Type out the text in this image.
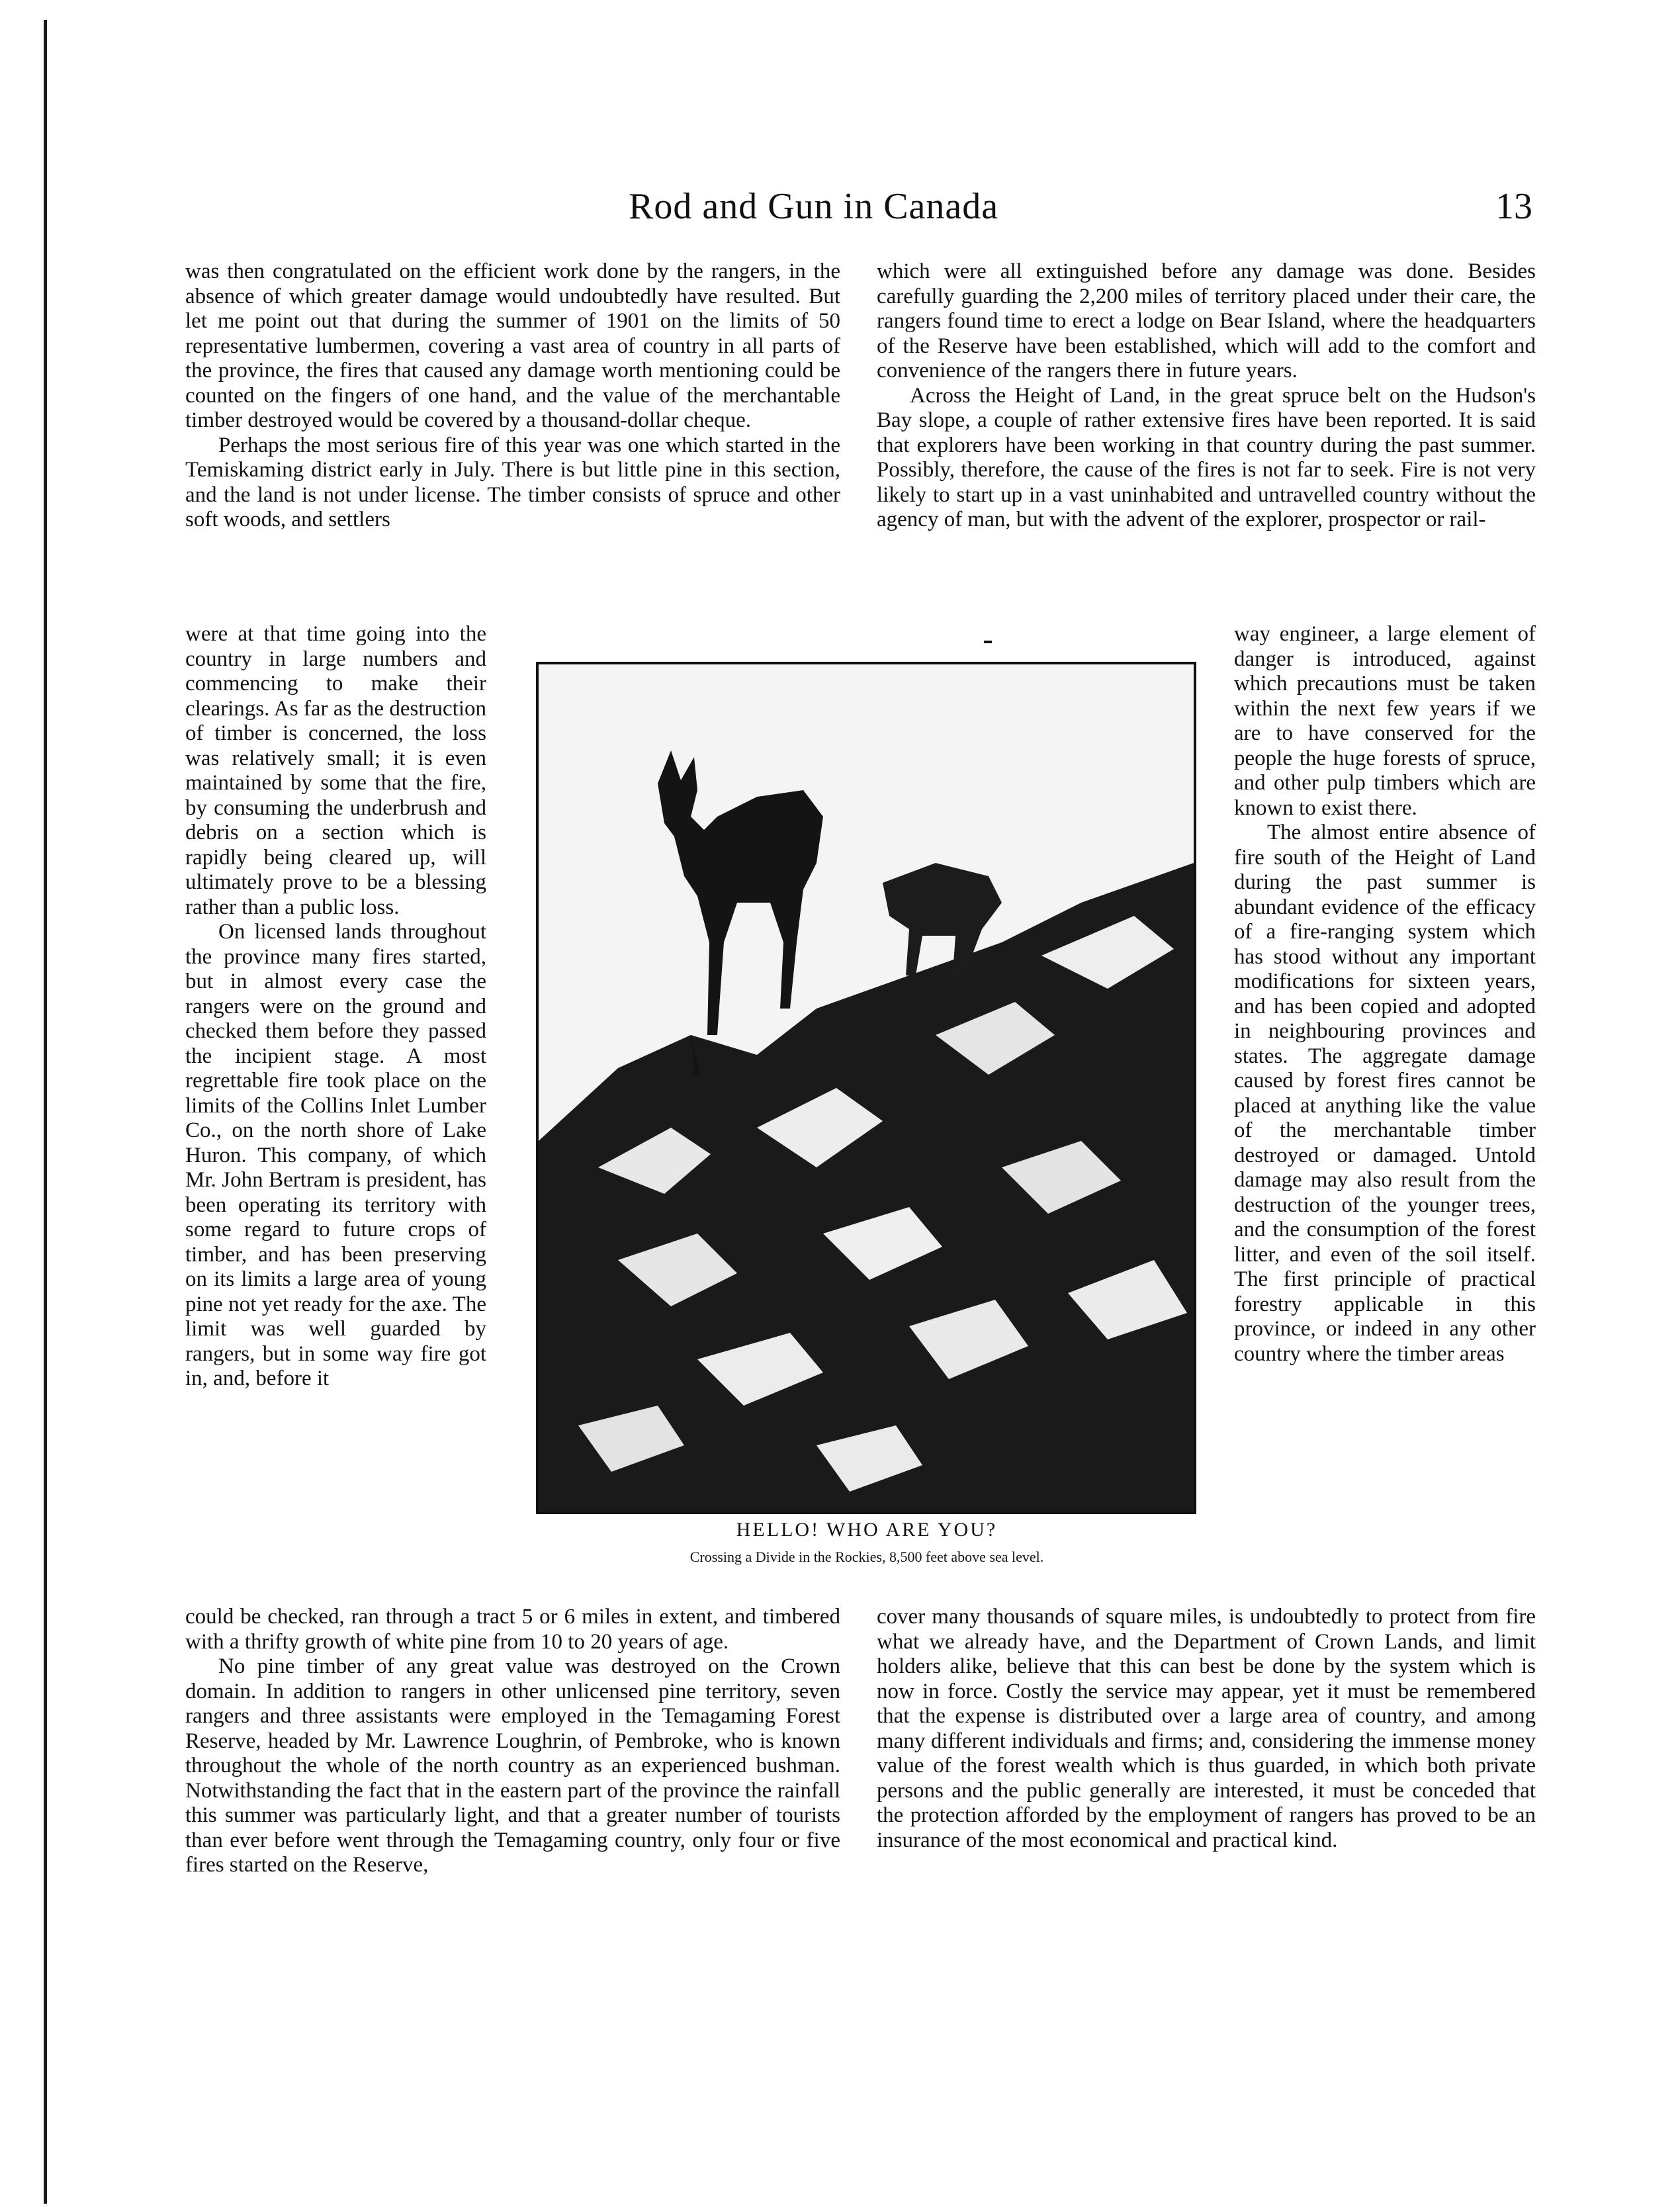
Rod and Gun in Canada	13

was then congratulated on the efficient work done by the rangers, in the absence of which greater damage would undoubtedly have resulted. But let me point out that during the summer of 1901 on the limits of 50 representative lumbermen, covering a vast area of country in all parts of the province, the fires that caused any damage worth mentioning could be counted on the fingers of one hand, and the value of the merchantable timber destroyed would be covered by a thousand-dollar cheque.

Perhaps the most serious fire of this year was one which started in the Temiskaming district early in July. There is but little pine in this section, and the land is not under license. The timber consists of spruce and other soft woods, and settlers

were at that time going into the country in large numbers and commencing to make their clearings. As far as the destruction of timber is concerned, the loss was relatively small; it is even maintained by some that the fire, by consuming the underbrush and debris on a section which is rapidly being cleared up, will ultimately prove to be a blessing rather than a public loss.

On licensed lands throughout the province many fires started, but in almost every case the rangers were on the ground and checked them before they passed the incipient stage. A most regrettable fire took place on the limits of the Collins Inlet Lumber Co., on the north shore of Lake Huron. This company, of which Mr. John Bertram is president, has been operating its territory with some regard to future crops of timber, and has been preserving on its limits a large area of young pine not yet ready for the axe. The limit was well guarded by rangers, but in some way fire got in, and, before it

could be checked, ran through a tract 5 or 6 miles in extent, and timbered with a thrifty growth of white pine from 10 to 20 years of age.

No pine timber of any great value was destroyed on the Crown domain. In addition to rangers in other unlicensed pine territory, seven rangers and three assistants were employed in the Temagaming Forest Reserve, headed by Mr. Lawrence Loughrin, of Pembroke, who is known throughout the whole of the north country as an experienced bushman. Notwithstanding the fact that in the eastern part of the province the rainfall this summer was particularly light, and that a greater number of tourists than ever before went through the Temagaming country, only four or five fires started on the Reserve,

which were all extinguished before any damage was done. Besides carefully guarding the 2,200 miles of territory placed under their care, the rangers found time to erect a lodge on Bear Island, where the headquarters of the Reserve have been established, which will add to the comfort and convenience of the rangers there in future years.

Across the Height of Land, in the great spruce belt on the Hudson's Bay slope, a couple of rather extensive fires have been reported. It is said that explorers have been working in that country during the past summer. Possibly, therefore, the cause of the fires is not far to seek. Fire is not very likely to start up in a vast uninhabited and untravelled country without the agency of man, but with the advent of the explorer, prospector or rail-

way engineer, a large element of danger is introduced, against which precautions must be taken within the next few years if we are to have conserved for the people the huge forests of spruce, and other pulp timbers which are known to exist there.

The almost entire absence of fire south of the Height of Land during the past summer is abundant evidence of the efficacy of a fire-ranging system which has stood without any important modifications for sixteen years, and has been copied and adopted in neighbouring provinces and states. The aggregate damage caused by forest fires cannot be placed at anything like the value of the merchantable timber destroyed or damaged. Untold damage may also result from the destruction of the younger trees, and the consumption of the forest litter, and even of the soil itself. The first principle of practical forestry applicable in this province, or indeed in any other country where the timber areas

cover many thousands of square miles, is undoubtedly to protect from fire what we already have, and the Department of Crown Lands, and limit holders alike, believe that this can best be done by the system which is now in force. Costly the service may appear, yet it must be remembered that the expense is distributed over a large area of country, and among many different individuals and firms; and, considering the immense money value of the forest wealth which is thus guarded, in which both private persons and the public generally are interested, it must be conceded that the protection afforded by the employment of rangers has proved to be an insurance of the most economical and practical kind.

HELLO! WHO ARE YOU?
Crossing a Divide in the Rockies, 8,500 feet above sea level.
